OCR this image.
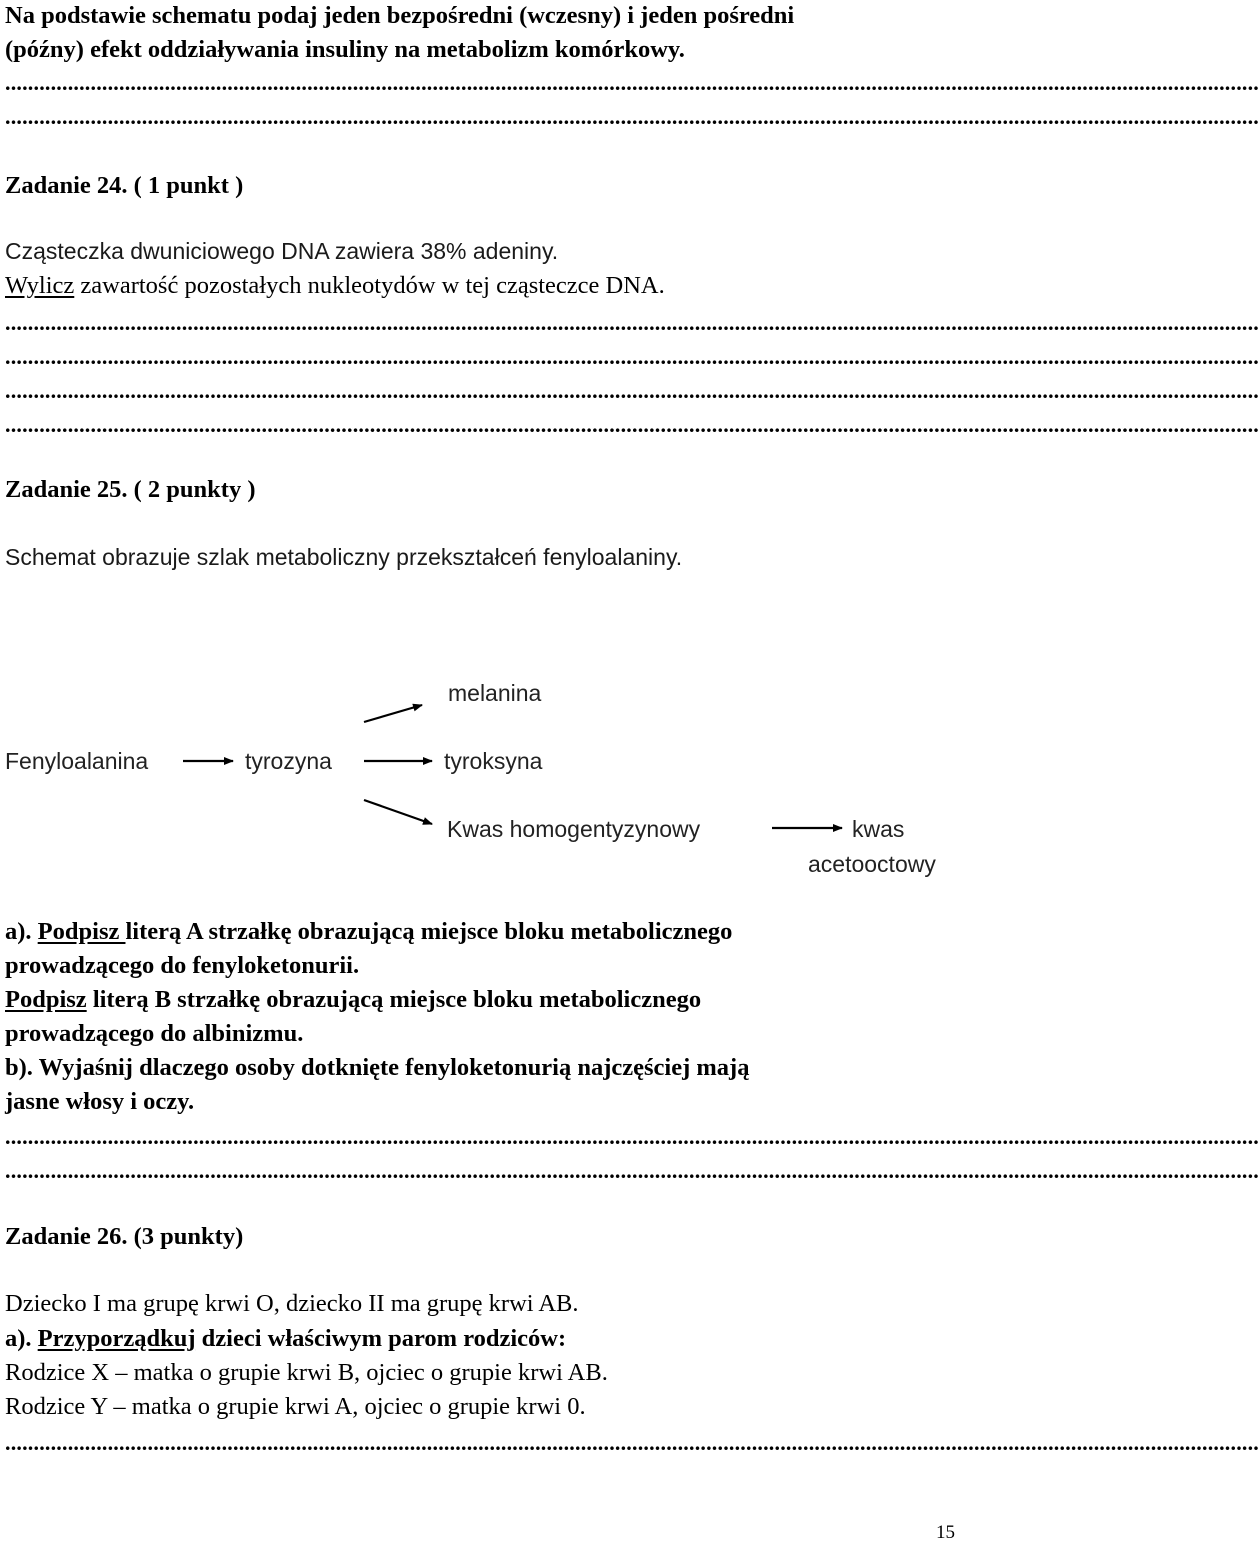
Na podstawie schematu podaj jeden bezpośredni (wczesny) i jeden pośredni
(późny) efekt oddziaływania insuliny na metabolizm komórkowy.
............................................................................................................................................................................................................................
............................................................................................................................................................................................................................
Zadanie 24. ( 1 punkt )
Cząsteczka dwuniciowego DNA zawiera 38% adeniny.
Wylicz zawartość pozostałych nukleotydów w tej cząsteczce DNA.
............................................................................................................................................................................................................................
............................................................................................................................................................................................................................
............................................................................................................................................................................................................................
............................................................................................................................................................................................................................
Zadanie 25. ( 2 punkty )
Schemat obrazuje szlak metaboliczny przekształceń fenyloalaniny.
melanina
Fenyloalanina	tyrozyna	tyroksyna
Kwas homogentyzynowy	kwas
acetooctowy
a). Podpisz literą A strzałkę obrazującą miejsce bloku metabolicznego
prowadzącego do fenyloketonurii.
Podpisz literą B strzałkę obrazującą miejsce bloku metabolicznego
prowadzącego do albinizmu.
b). Wyjaśnij dlaczego osoby dotknięte fenyloketonurią najczęściej mają
jasne włosy i oczy.
............................................................................................................................................................................................................................
............................................................................................................................................................................................................................
Zadanie 26. (3 punkty)
Dziecko I ma grupę krwi O, dziecko II ma grupę krwi AB.
a). Przyporządkuj dzieci właściwym parom rodziców:
Rodzice X – matka o grupie krwi B, ojciec o grupie krwi AB.
Rodzice Y – matka o grupie krwi A, ojciec o grupie krwi 0.
............................................................................................................................................................................................................................
15
